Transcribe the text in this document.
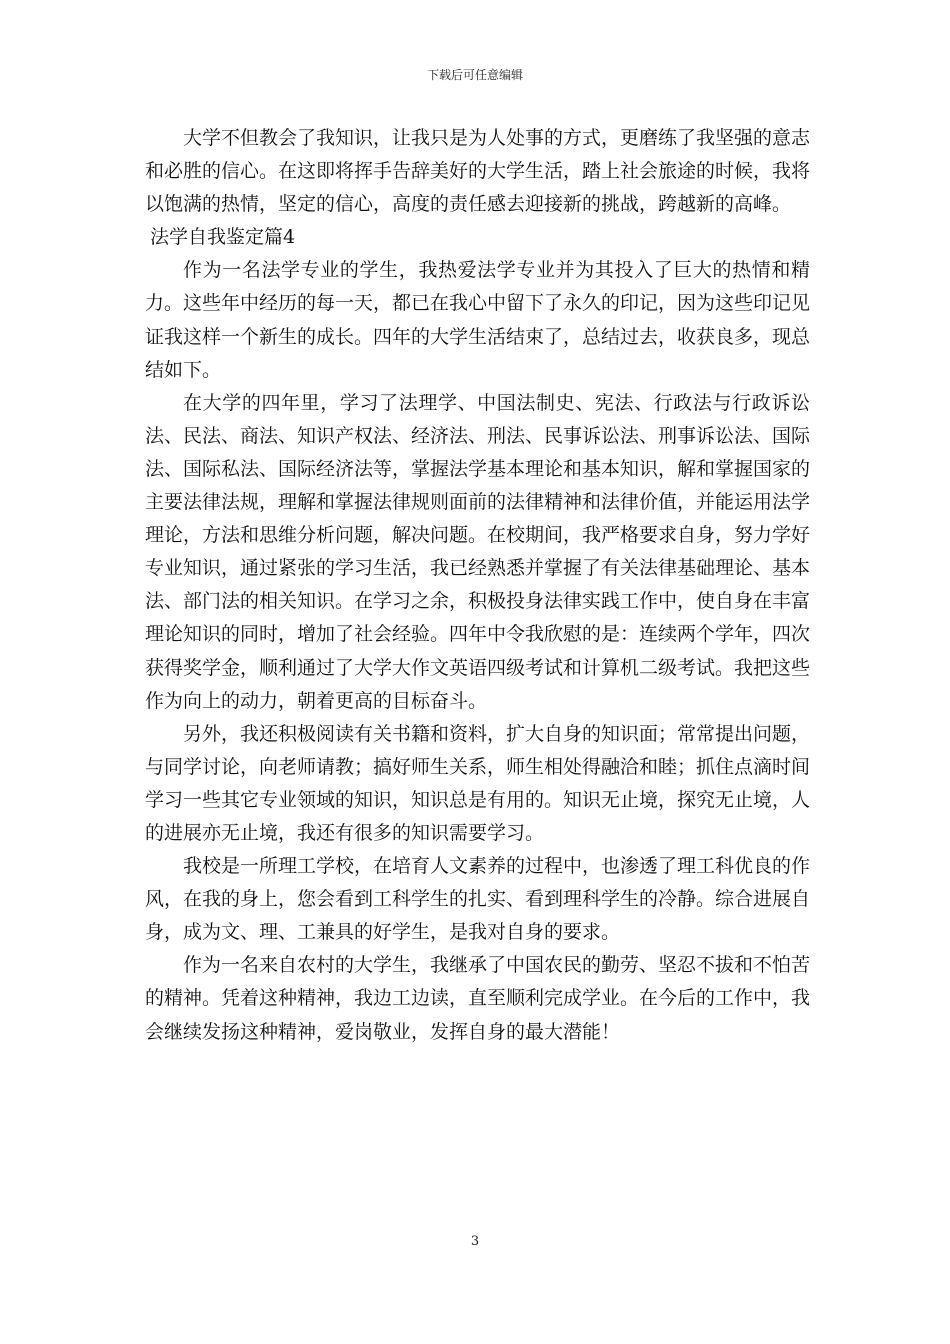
下载后可任意编辑

大学不但教会了我知识，让我只是为人处事的方式，更磨练了我坚强的意志和必胜的信心。在这即将挥手告辞美好的大学生活，踏上社会旅途的时候，我将以饱满的热情，坚定的信心，高度的责任感去迎接新的挑战，跨越新的高峰。

法学自我鉴定篇4

作为一名法学专业的学生，我热爱法学专业并为其投入了巨大的热情和精力。这些年中经历的每一天，都已在我心中留下了永久的印记，因为这些印记见证我这样一个新生的成长。四年的大学生活结束了，总结过去，收获良多，现总结如下。

在大学的四年里，学习了法理学、中国法制史、宪法、行政法与行政诉讼法、民法、商法、知识产权法、经济法、刑法、民事诉讼法、刑事诉讼法、国际法、国际私法、国际经济法等，掌握法学基本理论和基本知识，解和掌握国家的主要法律法规，理解和掌握法律规则面前的法律精神和法律价值，并能运用法学理论，方法和思维分析问题，解决问题。在校期间，我严格要求自身，努力学好专业知识，通过紧张的学习生活，我已经熟悉并掌握了有关法律基础理论、基本法、部门法的相关知识。在学习之余，积极投身法律实践工作中，使自身在丰富理论知识的同时，增加了社会经验。四年中令我欣慰的是：连续两个学年，四次获得奖学金，顺利通过了大学大作文英语四级考试和计算机二级考试。我把这些作为向上的动力，朝着更高的目标奋斗。

另外，我还积极阅读有关书籍和资料，扩大自身的知识面；常常提出问题，与同学讨论，向老师请教；搞好师生关系，师生相处得融洽和睦；抓住点滴时间学习一些其它专业领域的知识，知识总是有用的。知识无止境，探究无止境，人的进展亦无止境，我还有很多的知识需要学习。

我校是一所理工学校，在培育人文素养的过程中，也渗透了理工科优良的作风，在我的身上，您会看到工科学生的扎实、看到理科学生的冷静。综合进展自身，成为文、理、工兼具的好学生，是我对自身的要求。

作为一名来自农村的大学生，我继承了中国农民的勤劳、坚忍不拔和不怕苦的精神。凭着这种精神，我边工边读，直至顺利完成学业。在今后的工作中，我会继续发扬这种精神，爱岗敬业，发挥自身的最大潜能！

3
